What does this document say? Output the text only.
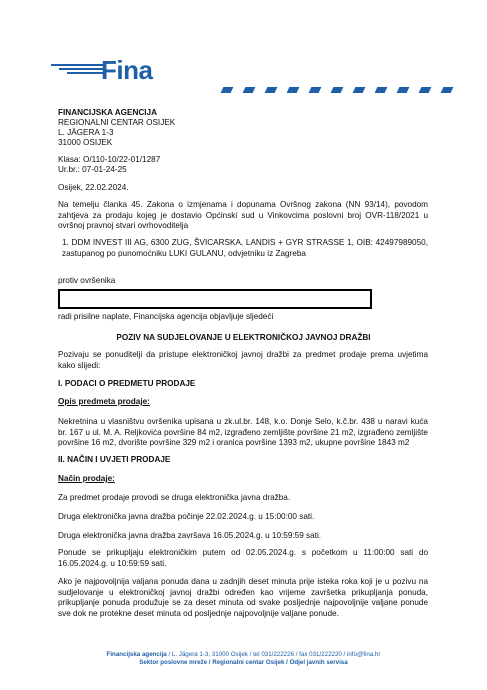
Fina
FINANCIJSKA AGENCIJA
REGIONALNI CENTAR OSIJEK
L. JÄGERA 1-3
31000 OSIJEK
Klasa: O/110-10/22-01/1287
Ur.br.: 07-01-24-25
Osijek, 22.02.2024.
Na temelju članka 45. Zakona o izmjenama i dopunama Ovršnog zakona (NN 93/14), povodom zahtjeva za prodaju kojeg je dostavio Općinski sud u Vinkovcima poslovni broj OVR-118/2021 u ovršnoj pravnoj stvari ovrhovoditelja
1. DDM INVEST III AG, 6300 ZUG, ŠVICARSKA, LANDIS + GYR STRASSE 1, OIB: 42497989050, zastupanog po punomoćniku LUKI GULANU, odvjetniku iz Zagreba
protiv ovršenika
radi prisilne naplate, Financijska agencija objavljuje sljedeći
POZIV NA SUDJELOVANJE U ELEKTRONIČKOJ JAVNOJ DRAŽBI
Pozivaju se ponuditelji da pristupe elektroničkoj javnoj dražbi za predmet prodaje prema uvjetima kako slijedi:
I. PODACI O PREDMETU PRODAJE
Opis predmeta prodaje:
Nekretnina u vlasništvu ovršenika upisana u zk.ul.br. 148, k.o. Donje Selo, k.č.br. 438 u naravi kuća br. 167 u ul. M. A. Reljkovića površine 84 m2, izgrađeno zemljište površine 21 m2, izgrađeno zemljište površine 16 m2, dvorište površine 329 m2 i oranica površine 1393 m2, ukupne površine 1843 m2
II. NAČIN I UVJETI PRODAJE
Način prodaje:
Za predmet prodaje provodi se druga elektronička javna dražba.
Druga elektronička javna dražba počinje 22.02.2024.g. u 15:00:00 sati.
Druga elektronička javna dražba završava 16.05.2024.g. u 10:59:59 sati.
Ponude se prikupljaju elektroničkim putem od 02.05.2024.g. s početkom u 11:00:00 sati do 16.05.2024.g. u 10:59:59 sati.
Ako je najpovoljnija valjana ponuda dana u zadnjih deset minuta prije isteka roka koji je u pozivu na sudjelovanje u elektroničkoj javnoj dražbi određen kao vrijeme završetka prikupljanja ponuda, prikupljanje ponuda produžuje se za deset minuta od svake posljednje najpovoljnije valjane ponude sve dok ne protekne deset minuta od posljednje najpovoljnije valjane ponude.
Financijska agencija / L. Jägera 1-3, 31000 Osijek / tel 031/222226 / fax 031/222220 / info@fina.hr
Sektor poslovne mreže / Regionalni centar Osijek / Odjel javnih servisa
